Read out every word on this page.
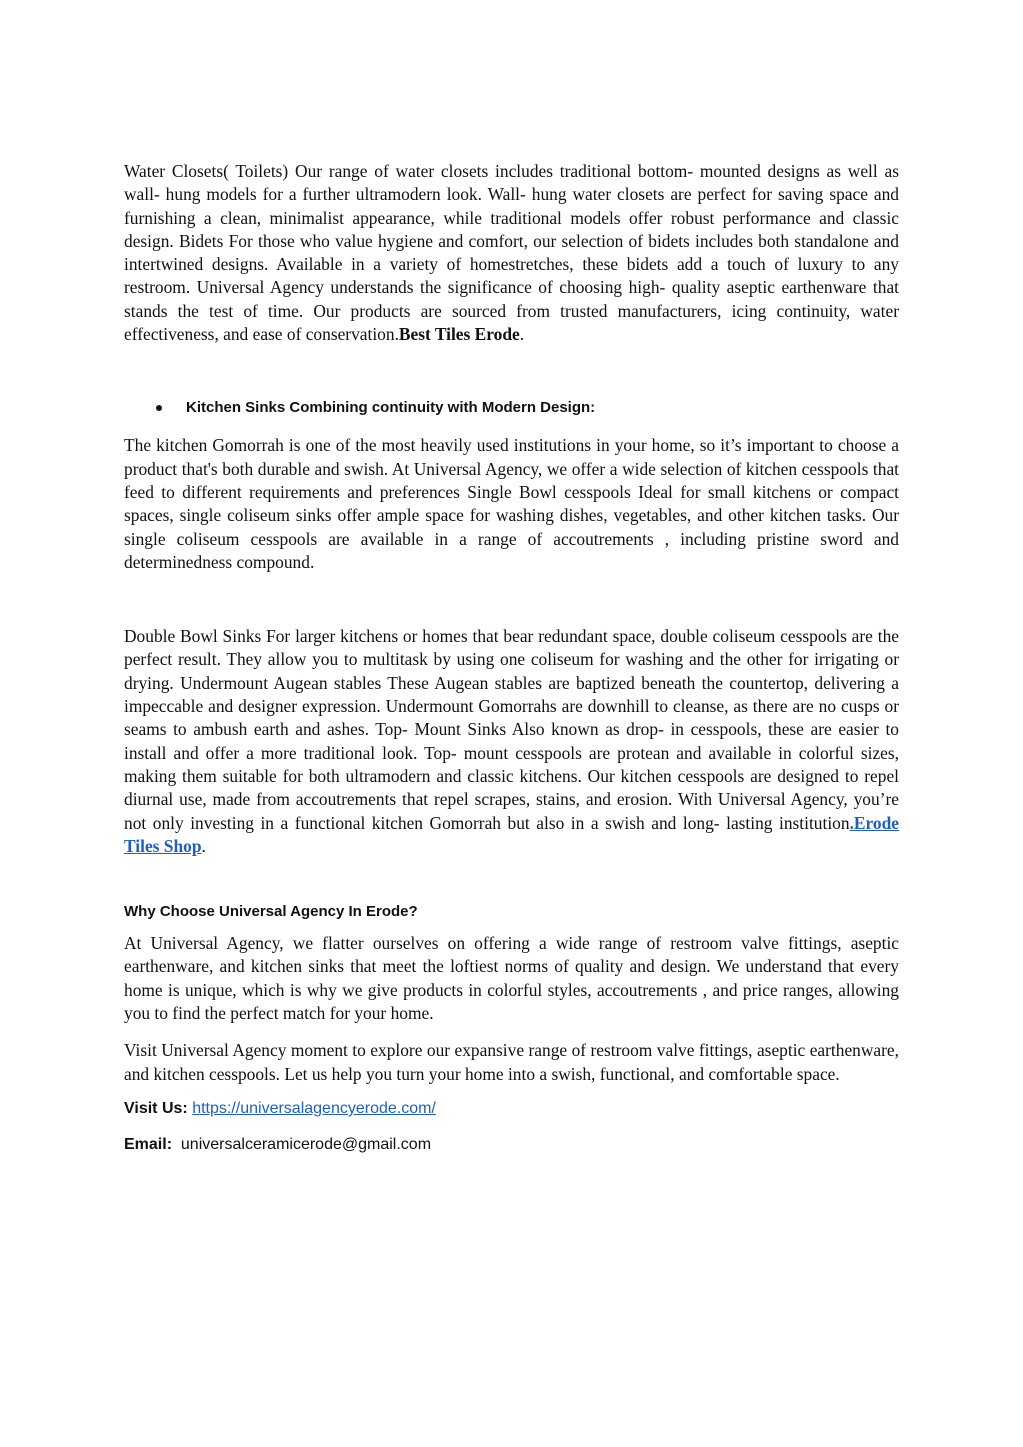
Water Closets( Toilets) Our range of water closets includes traditional bottom- mounted designs as well as wall- hung models for a further ultramodern look. Wall- hung water closets are perfect for saving space and furnishing a clean, minimalist appearance, while traditional models offer robust performance and classic design. Bidets For those who value hygiene and comfort, our selection of bidets includes both standalone and intertwined designs. Available in a variety of homestretches, these bidets add a touch of luxury to any restroom. Universal Agency understands the significance of choosing high- quality aseptic earthenware that stands the test of time. Our products are sourced from trusted manufacturers, icing continuity, water effectiveness, and ease of conservation.Best Tiles Erode.

Kitchen Sinks Combining continuity with Modern Design:

The kitchen Gomorrah is one of the most heavily used institutions in your home, so it’s important to choose a product that's both durable and swish. At Universal Agency, we offer a wide selection of kitchen cesspools that feed to different requirements and preferences Single Bowl cesspools Ideal for small kitchens or compact spaces, single coliseum sinks offer ample space for washing dishes, vegetables, and other kitchen tasks. Our single coliseum cesspools are available in a range of accoutrements , including pristine sword and determinedness compound.

Double Bowl Sinks For larger kitchens or homes that bear redundant space, double coliseum cesspools are the perfect result. They allow you to multitask by using one coliseum for washing and the other for irrigating or drying. Undermount Augean stables These Augean stables are baptized beneath the countertop, delivering a impeccable and designer expression. Undermount Gomorrahs are downhill to cleanse, as there are no cusps or seams to ambush earth and ashes. Top- Mount Sinks Also known as drop- in cesspools, these are easier to install and offer a more traditional look. Top- mount cesspools are protean and available in colorful sizes, making them suitable for both ultramodern and classic kitchens. Our kitchen cesspools are designed to repel diurnal use, made from accoutrements that repel scrapes, stains, and erosion. With Universal Agency, you’re not only investing in a functional kitchen Gomorrah but also in a swish and long- lasting institution.Erode Tiles Shop.

Why Choose Universal Agency In Erode?

At Universal Agency, we flatter ourselves on offering a wide range of restroom valve fittings, aseptic earthenware, and kitchen sinks that meet the loftiest norms of quality and design. We understand that every home is unique, which is why we give products in colorful styles, accoutrements , and price ranges, allowing you to find the perfect match for your home.

Visit Universal Agency moment to explore our expansive range of restroom valve fittings, aseptic earthenware, and kitchen cesspools. Let us help you turn your home into a swish, functional, and comfortable space.

Visit Us: https://universalagencyerode.com/

Email: universalceramicerode@gmail.com
